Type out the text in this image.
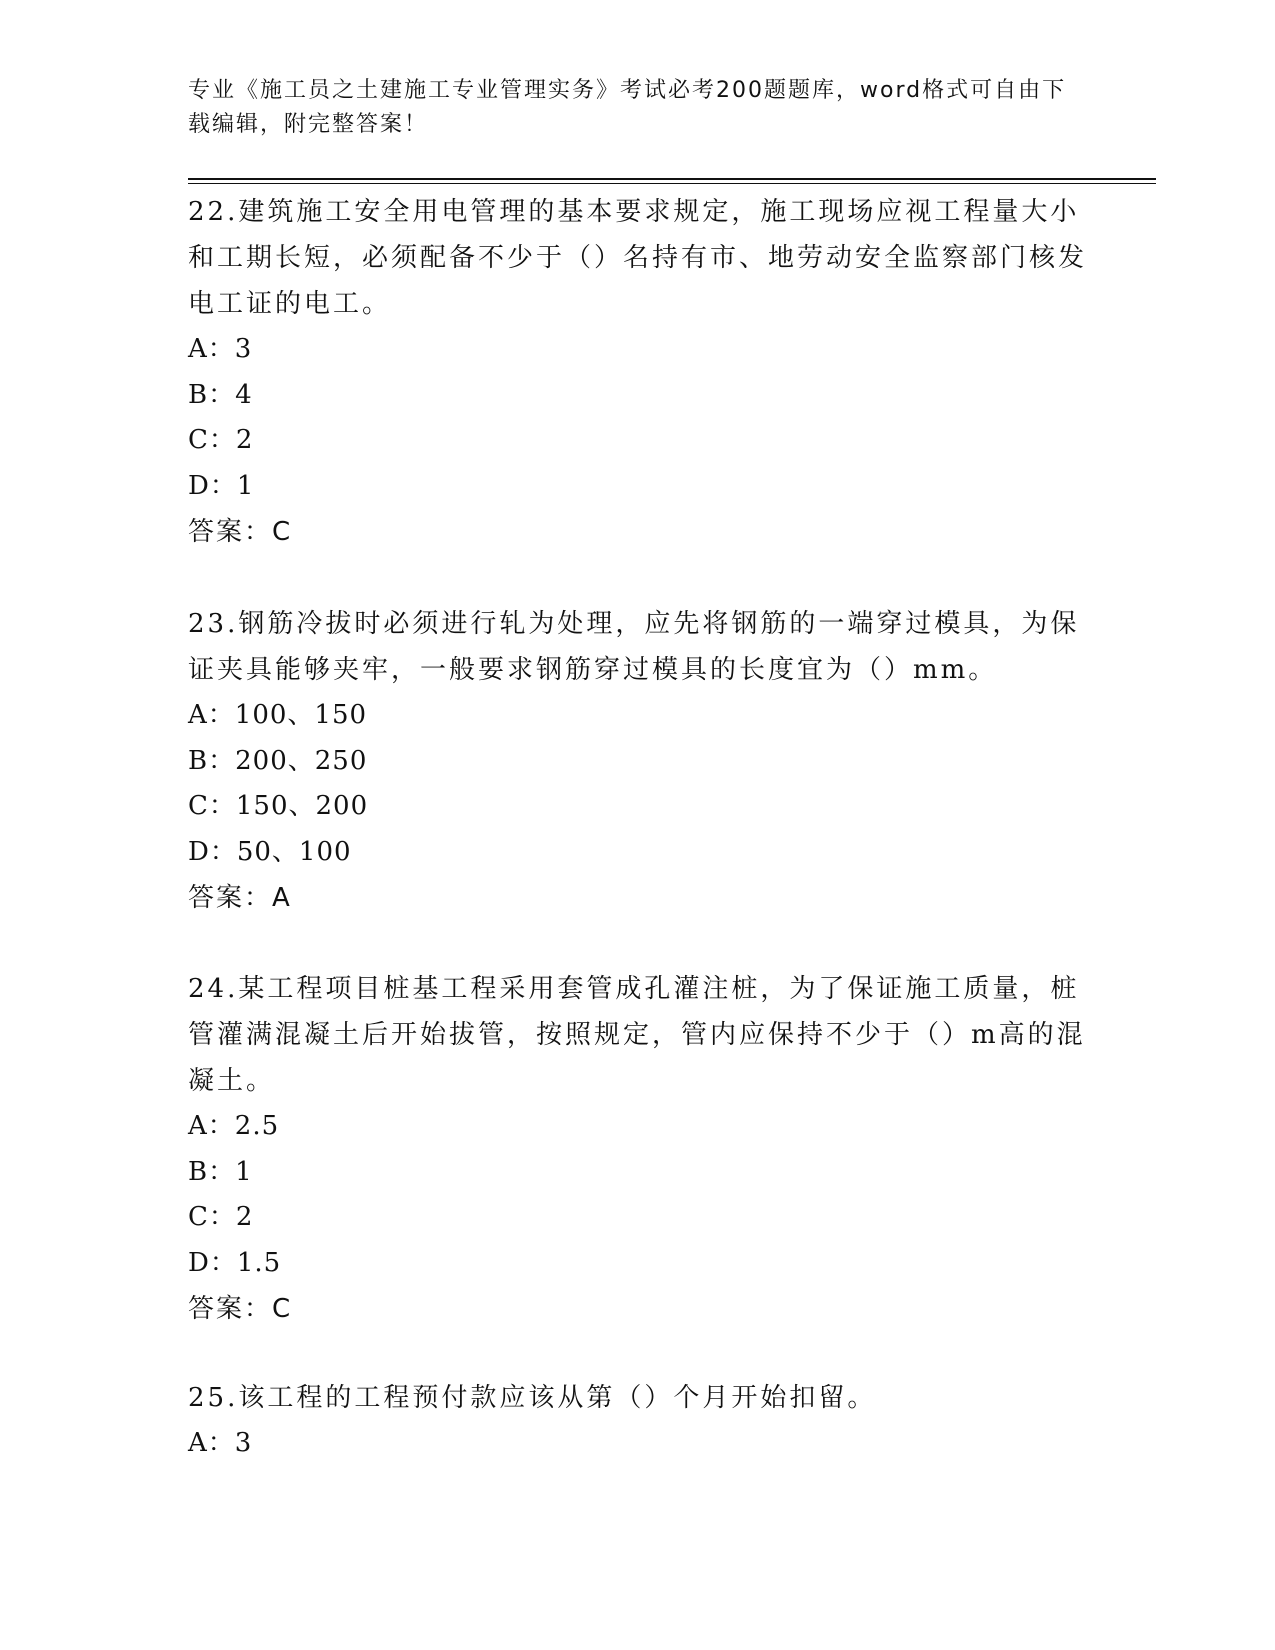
专业《施工员之土建施工专业管理实务》考试必考200题题库，word格式可自由下载编辑，附完整答案！

22.建筑施工安全用电管理的基本要求规定，施工现场应视工程量大小和工期长短，必须配备不少于（）名持有市、地劳动安全监察部门核发电工证的电工。

A：3

B：4

C：2

D：1

答案：C

23.钢筋冷拔时必须进行轧为处理，应先将钢筋的一端穿过模具，为保证夹具能够夹牢，一般要求钢筋穿过模具的长度宜为（）mm。

A：100、150

B：200、250

C：150、200

D：50、100

答案：A

24.某工程项目桩基工程采用套管成孔灌注桩，为了保证施工质量，桩管灌满混凝土后开始拔管，按照规定，管内应保持不少于（）m高的混凝土。

A：2.5

B：1

C：2

D：1.5

答案：C

25.该工程的工程预付款应该从第（）个月开始扣留。

A：3
